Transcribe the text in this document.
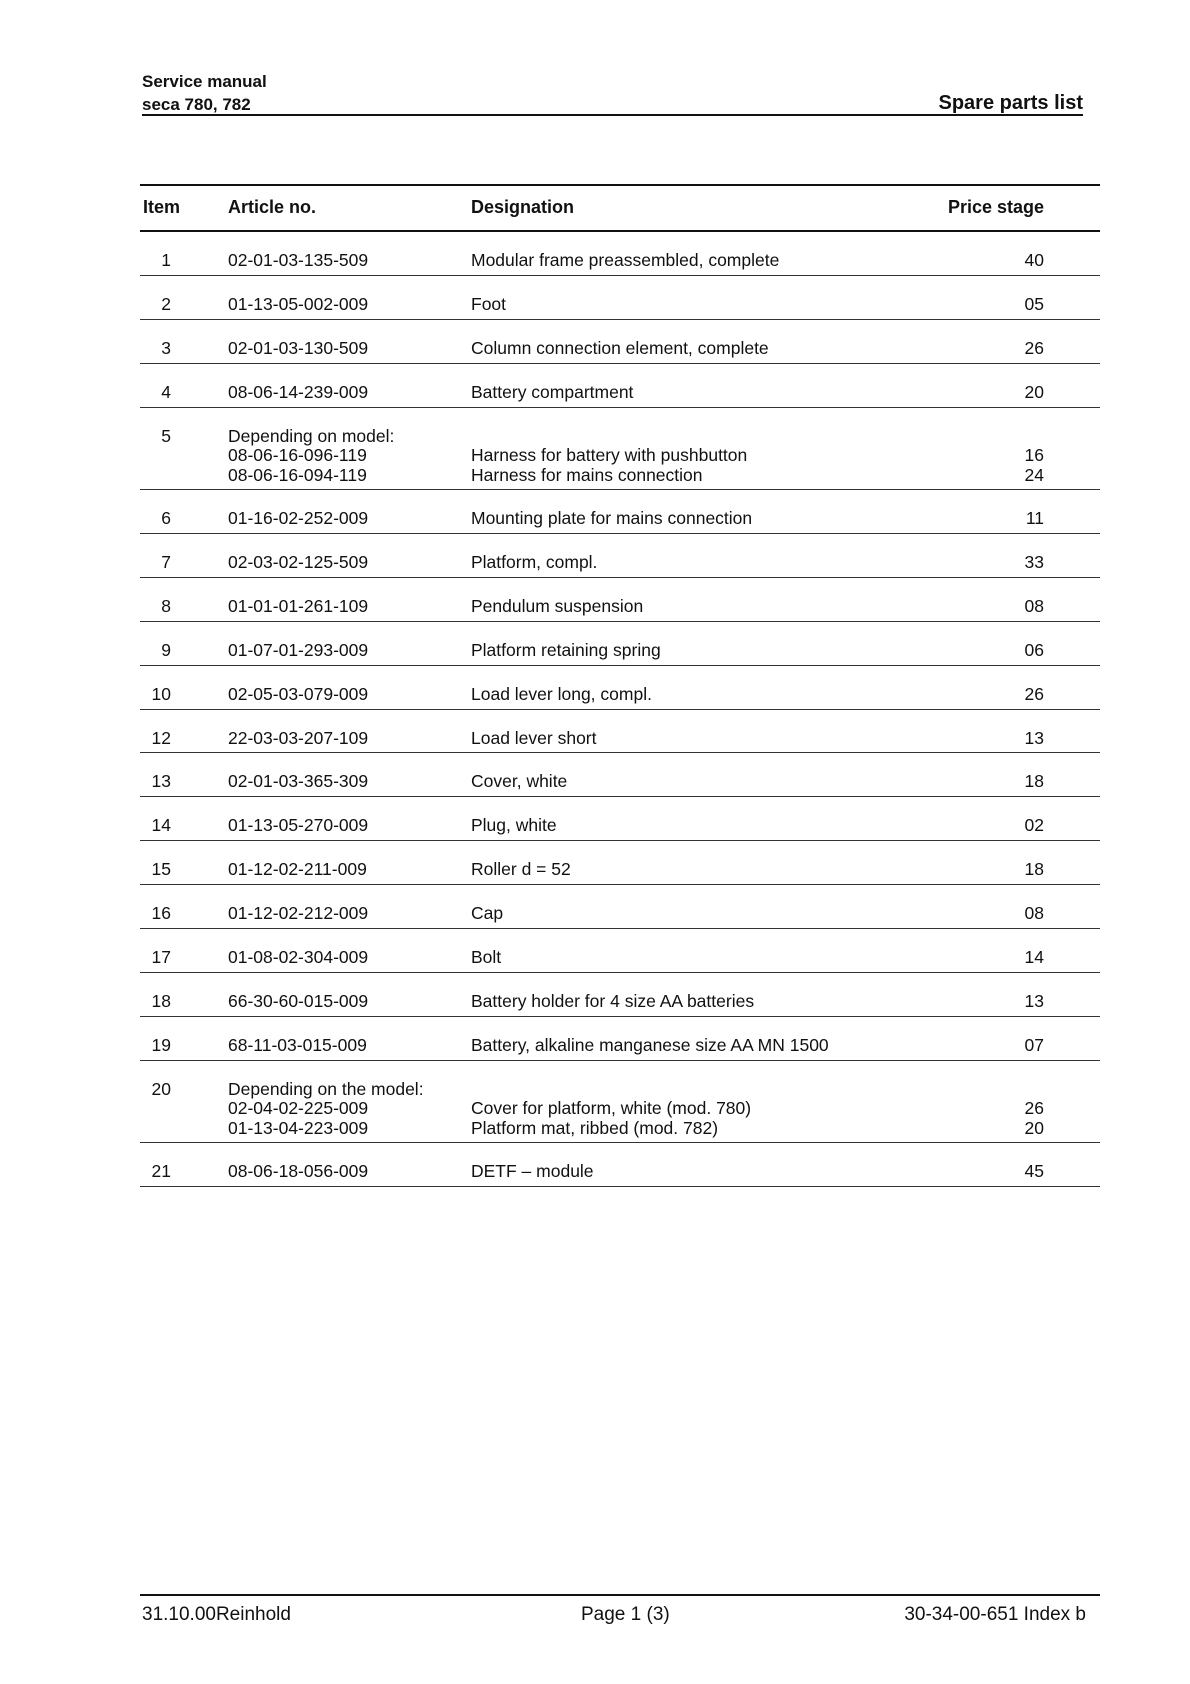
Service manual
seca 780, 782	Spare parts list
Item	Article no.	Designation	Price stage
1	02-01-03-135-509	Modular frame preassembled, complete	40
2	01-13-05-002-009	Foot	05
3	02-01-03-130-509	Column connection element, complete	26
4	08-06-14-239-009	Battery compartment	20
5	Depending on model:
08-06-16-096-119	Harness for battery with pushbutton	16
08-06-16-094-119	Harness for mains connection	24
6	01-16-02-252-009	Mounting plate for mains connection	11
7	02-03-02-125-509	Platform, compl.	33
8	01-01-01-261-109	Pendulum suspension	08
9	01-07-01-293-009	Platform retaining spring	06
10	02-05-03-079-009	Load lever long, compl.	26
12	22-03-03-207-109	Load lever short	13
13	02-01-03-365-309	Cover, white	18
14	01-13-05-270-009	Plug, white	02
15	01-12-02-211-009	Roller d = 52	18
16	01-12-02-212-009	Cap	08
17	01-08-02-304-009	Bolt	14
18	66-30-60-015-009	Battery holder for 4 size AA batteries	13
19	68-11-03-015-009	Battery, alkaline manganese size AA MN 1500	07
20	Depending on the model:
02-04-02-225-009	Cover for platform, white (mod. 780)	26
01-13-04-223-009	Platform mat, ribbed (mod. 782)	20
21	08-06-18-056-009	DETF – module	45
31.10.00Reinhold	Page 1 (3)	30-34-00-651 Index b
